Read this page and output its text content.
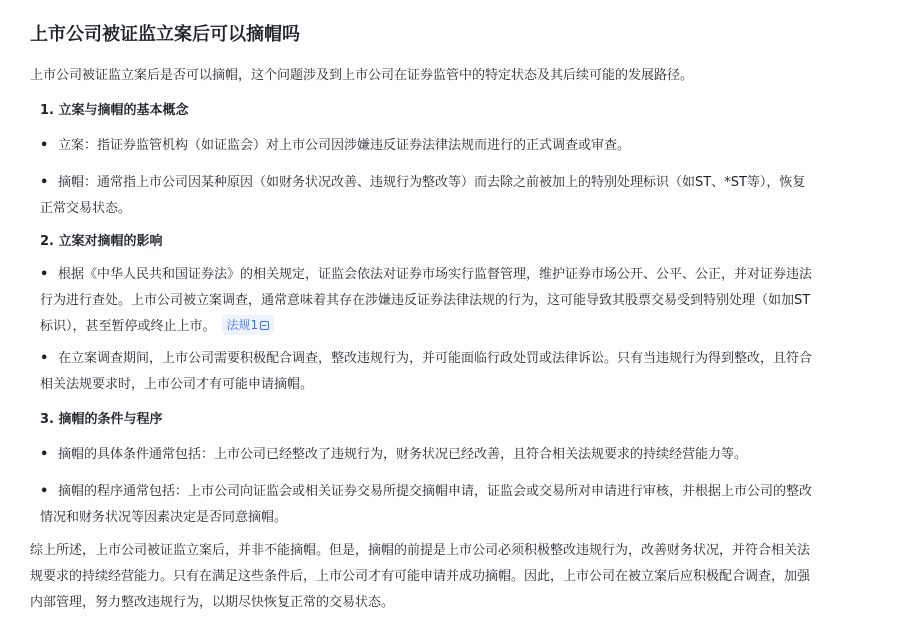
上市公司被证监立案后可以摘帽吗
上市公司被证监立案后是否可以摘帽，这个问题涉及到上市公司在证券监管中的特定状态及其后续可能的发展路径。
1. 立案与摘帽的基本概念
• 立案：指证券监管机构（如证监会）对上市公司因涉嫌违反证券法律法规而进行的正式调查或审查。
• 摘帽：通常指上市公司因某种原因（如财务状况改善、违规行为整改等）而去除之前被加上的特别处理标识（如ST、*ST等），恢复
正常交易状态。
2. 立案对摘帽的影响
• 根据《中华人民共和国证券法》的相关规定，证监会依法对证券市场实行监督管理，维护证券市场公开、公平、公正，并对证券违法
行为进行查处。上市公司被立案调查，通常意味着其存在涉嫌违反证券法律法规的行为，这可能导致其股票交易受到特别处理（如加ST
标识），甚至暂停或终止上市。 法规1
• 在立案调查期间，上市公司需要积极配合调查，整改违规行为，并可能面临行政处罚或法律诉讼。只有当违规行为得到整改，且符合
相关法规要求时，上市公司才有可能申请摘帽。
3. 摘帽的条件与程序
• 摘帽的具体条件通常包括：上市公司已经整改了违规行为，财务状况已经改善，且符合相关法规要求的持续经营能力等。
• 摘帽的程序通常包括：上市公司向证监会或相关证券交易所提交摘帽申请，证监会或交易所对申请进行审核，并根据上市公司的整改
情况和财务状况等因素决定是否同意摘帽。
综上所述，上市公司被证监立案后，并非不能摘帽。但是，摘帽的前提是上市公司必须积极整改违规行为，改善财务状况，并符合相关法
规要求的持续经营能力。只有在满足这些条件后，上市公司才有可能申请并成功摘帽。因此，上市公司在被立案后应积极配合调查，加强
内部管理，努力整改违规行为，以期尽快恢复正常的交易状态。
